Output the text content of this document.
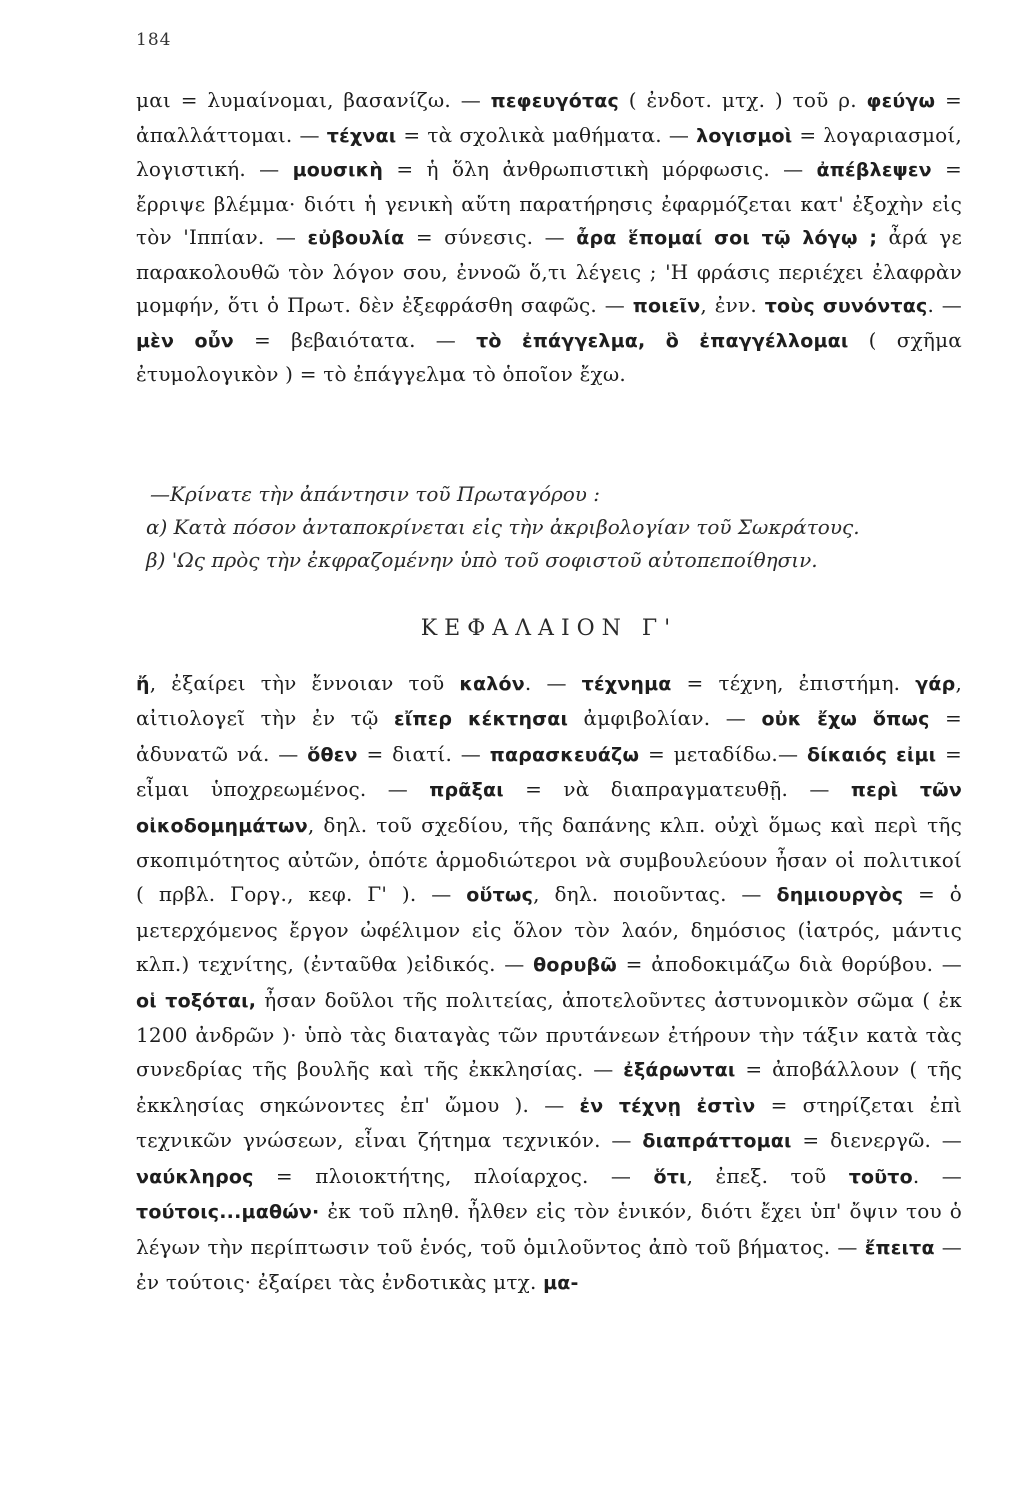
184
μαι = λυμαίνομαι, βασανίζω. — πεφευγότας ( ἐνδοτ. μτχ. ) τοῦ ρ. φεύγω = ἀπαλλάττομαι. — τέχναι = τὰ σχολικὰ μαθήματα. — λογισμοὶ = λογαριασμοί, λογιστική. — μουσικὴ = ἡ ὅλη ἀνθρωπιστικὴ μόρφωσις. — ἀπέβλεψεν = ἔρριψε βλέμμα· διότι ἡ γενικὴ αὕτη παρατήρησις ἐφαρμόζεται κατ' ἐξοχὴν εἰς τὸν 'Ιππίαν. — εὐβουλία = σύνεσις. — ἆρα ἕπομαί σοι τῷ λόγῳ ; ἆρά γε παρακολουθῶ τὸν λόγον σου, ἐννοῶ ὅ,τι λέγεις ; 'Η φράσις περιέχει ἐλαφρὰν μομφήν, ὅτι ὁ Πρωτ. δὲν ἐξεφράσθη σαφῶς. — ποιεῖν, ἐνν. τοὺς συνόντας. — μὲν οὖν = βεβαιότατα. — τὸ ἐπάγγελμα, ὃ ἐπαγγέλλομαι ( σχῆμα ἐτυμολογικὸν ) = τὸ ἐπάγγελμα τὸ ὁποῖον ἔχω.
—Κρίνατε τὴν ἀπάντησιν τοῦ Πρωταγόρου :
α) Κατὰ πόσον ἀνταποκρίνεται εἰς τὴν ἀκριβολογίαν τοῦ Σωκράτους.
β) 'Ως πρὸς τὴν ἐκφραζομένην ὑπὸ τοῦ σοφιστοῦ αὐτοπεποίθησιν.
ΚΕΦΑΛΑΙΟΝ Γ'
ἤ, ἐξαίρει τὴν ἔννοιαν τοῦ καλόν. — τέχνημα = τέχνη, ἐπιστήμη. γάρ, αἰτιολογεῖ τὴν ἐν τῷ εἴπερ κέκτησαι ἀμφιβολίαν. — οὐκ ἔχω ὅπως = ἀδυνατῶ νά. — ὅθεν = διατί. — παρασκευάζω = μεταδίδω.— δίκαιός εἰμι = εἶμαι ὑποχρεωμένος. — πρᾶξαι = νὰ διαπραγματευθῇ. — περὶ τῶν οἰκοδομημάτων, δηλ. τοῦ σχεδίου, τῆς δαπάνης κλπ. οὐχὶ ὅμως καὶ περὶ τῆς σκοπιμότητος αὐτῶν, ὁπότε ἁρμοδιώτεροι νὰ συμβουλεύουν ἦσαν οἱ πολιτικοί ( πρβλ. Γοργ., κεφ. Γ' ). — οὕτως, δηλ. ποιοῦντας. — δημιουργὸς = ὁ μετερχόμενος ἔργον ὠφέλιμον εἰς ὅλον τὸν λαόν, δημόσιος (ἰατρός, μάντις κλπ.) τεχνίτης, (ἐνταῦθα )εἰδικός. — θορυβῶ = ἀποδοκιμάζω διὰ θορύβου. — οἱ τοξόται, ἦσαν δοῦλοι τῆς πολιτείας, ἀποτελοῦντες ἀστυνομικὸν σῶμα ( ἐκ 1200 ἀνδρῶν )· ὑπὸ τὰς διαταγὰς τῶν πρυτάνεων ἐτήρουν τὴν τάξιν κατὰ τὰς συνεδρίας τῆς βουλῆς καὶ τῆς ἐκκλησίας. — ἐξάρωνται = ἀποβάλλουν ( τῆς ἐκκλησίας σηκώνοντες ἐπ' ὤμου ). — ἐν τέχνῃ ἐστὶν = στηρίζεται ἐπὶ τεχνικῶν γνώσεων, εἶναι ζήτημα τεχνικόν. — διαπράττομαι = διενεργῶ. — ναύκληρος = πλοιοκτήτης, πλοίαρχος. — ὅτι, ἐπεξ. τοῦ τοῦτο. — τούτοις...μαθών· ἐκ τοῦ πληθ. ἦλθεν εἰς τὸν ἑνικόν, διότι ἔχει ὑπ' ὄψιν του ὁ λέγων τὴν περίπτωσιν τοῦ ἑνός, τοῦ ὁμιλοῦντος ἀπὸ τοῦ βήματος. — ἔπειτα — ἐν τούτοις· ἐξαίρει τὰς ἐνδοτικὰς μτχ. μα-
